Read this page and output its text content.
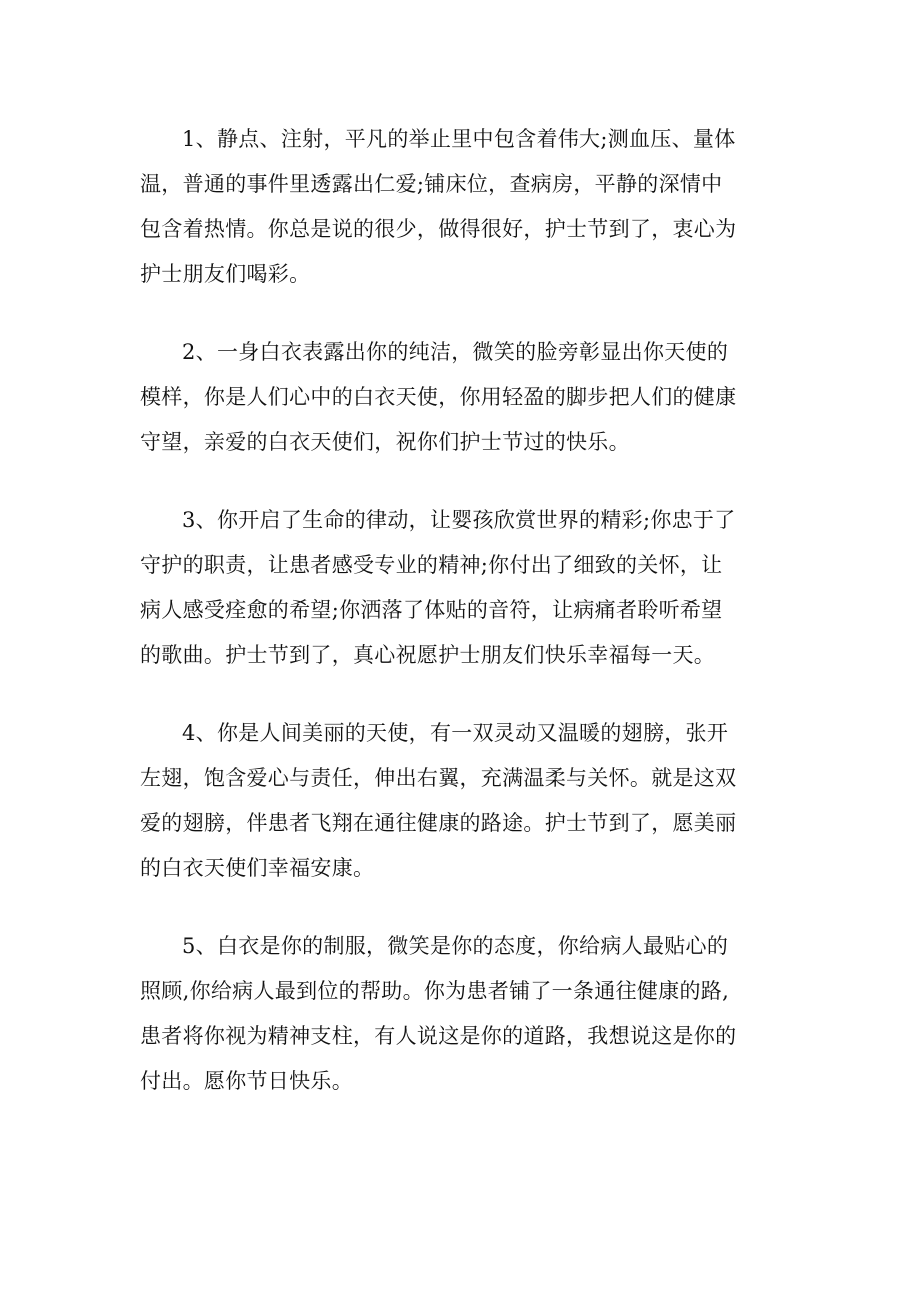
1、静点、注射，平凡的举止里中包含着伟大;测血压、量体
温，普通的事件里透露出仁爱;铺床位，查病房，平静的深情中
包含着热情。你总是说的很少，做得很好，护士节到了，衷心为
护士朋友们喝彩。

2、一身白衣表露出你的纯洁，微笑的脸旁彰显出你天使的
模样，你是人们心中的白衣天使，你用轻盈的脚步把人们的健康
守望，亲爱的白衣天使们，祝你们护士节过的快乐。

3、你开启了生命的律动，让婴孩欣赏世界的精彩;你忠于了
守护的职责，让患者感受专业的精神;你付出了细致的关怀，让
病人感受痊愈的希望;你洒落了体贴的音符，让病痛者聆听希望
的歌曲。护士节到了，真心祝愿护士朋友们快乐幸福每一天。

4、你是人间美丽的天使，有一双灵动又温暖的翅膀，张开
左翅，饱含爱心与责任，伸出右翼，充满温柔与关怀。就是这双
爱的翅膀，伴患者飞翔在通往健康的路途。护士节到了，愿美丽
的白衣天使们幸福安康。

5、白衣是你的制服，微笑是你的态度，你给病人最贴心的
照顾,你给病人最到位的帮助。你为患者铺了一条通往健康的路,
患者将你视为精神支柱，有人说这是你的道路，我想说这是你的
付出。愿你节日快乐。
